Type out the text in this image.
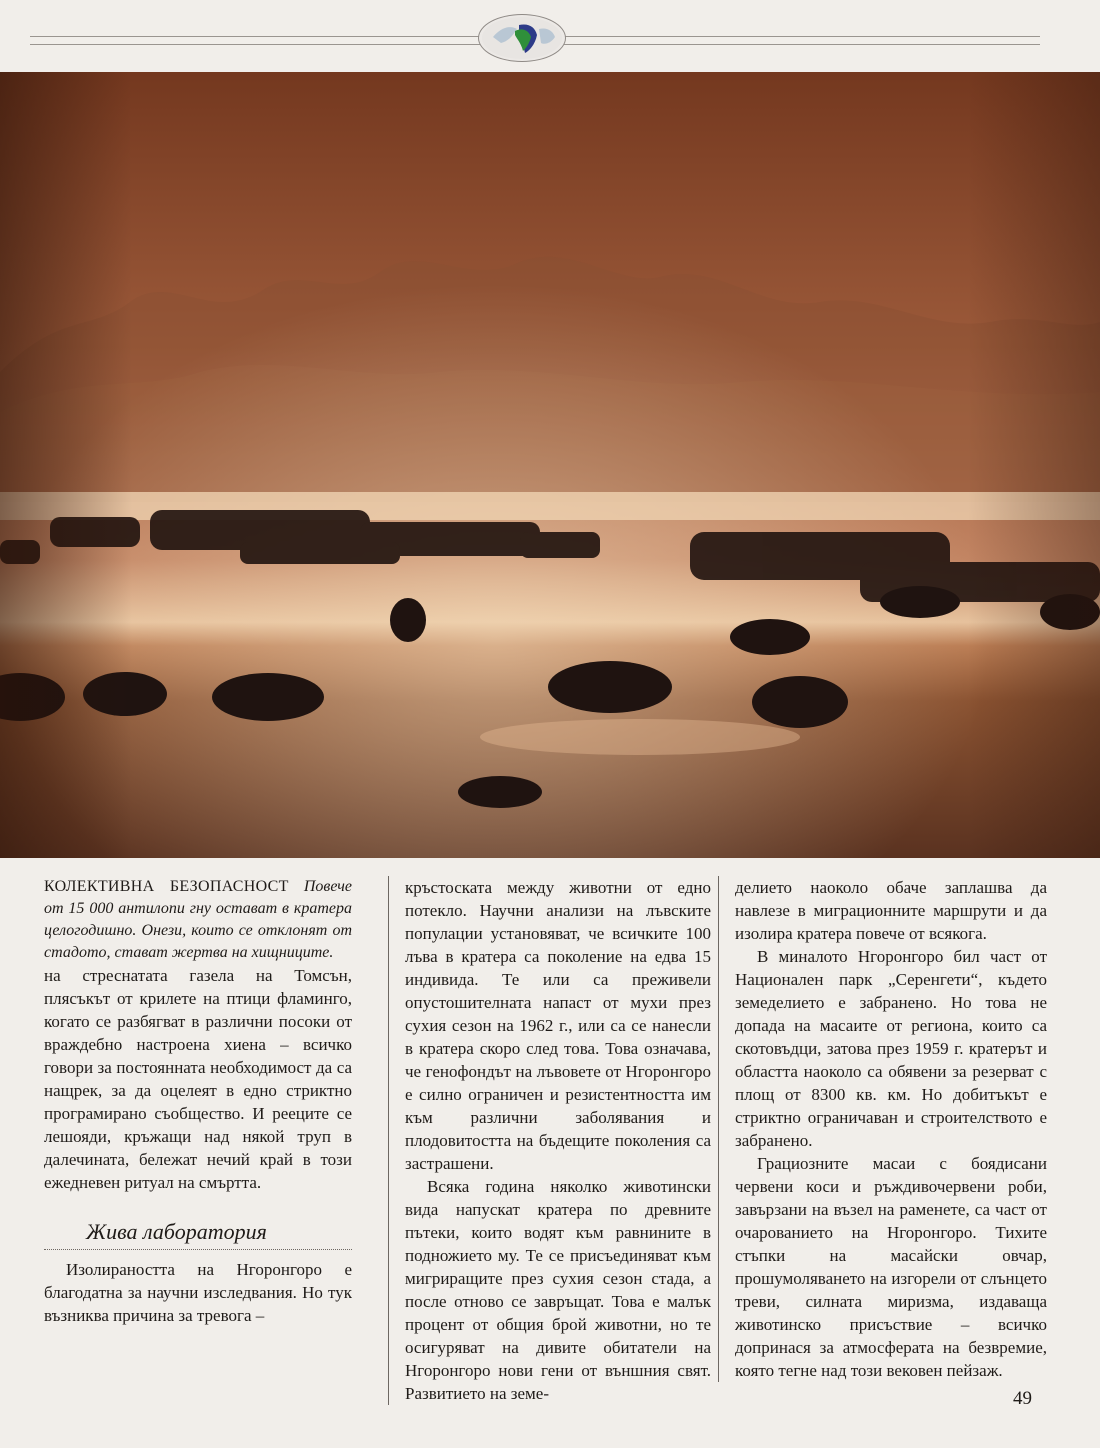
КОЛЕКТИВНА БЕЗОПАСНОСТ Повече от 15 000 антилопи гну остават в кратера целогодишно. Онези, които се отклонят от стадото, стават жертва на хищниците.

на стреснатата газела на Томсън, плясъкът от крилете на птици фламинго, когато се разбягват в различни посоки от враждебно настроена хиена – всичко говори за постоянната необходимост да са нащрек, за да оцелеят в едно стриктно програмирано съобщество. И рееците се лешояди, кръжащи над някой труп в далечината, бележат нечий край в този ежедневен ритуал на смъртта.

Жива лаборатория

Изолираността на Нгоронгоро е благодатна за научни изследвания. Но тук възниква причина за тревога –

кръстоската между животни от едно потекло. Научни анализи на лъвските популации установяват, че всичките 100 лъва в кратера са поколение на едва 15 индивида. Те или са преживели опустошителната напаст от мухи през сухия сезон на 1962 г., или са се нанесли в кратера скоро след това. Това означава, че генофондът на лъвовете от Нгоронгоро е силно ограничен и резистентността им към различни заболявания и плодовитостта на бъдещите поколения са застрашени.

Всяка година няколко животински вида напускат кратера по древните пътеки, които водят към равнините в подножието му. Те се присъединяват към мигриращите през сухия сезон стада, а после отново се завръщат. Това е малък процент от общия брой животни, но те осигуряват на дивите обитатели на Нгоронгоро нови гени от външния свят. Развитието на земе-

делието наоколо обаче заплашва да навлезе в миграционните маршрути и да изолира кратера повече от всякога.

В миналото Нгоронгоро бил част от Национален парк „Серенгети“, където земеделието е забранено. Но това не допада на масаите от региона, които са скотовъдци, затова през 1959 г. кратерът и областта наоколо са обявени за резерват с площ от 8300 кв. км. Но добитъкът е стриктно ограничаван и строителството е забранено.

Грациозните масаи с боядисани червени коси и ръждивочервени роби, завързани на възел на раменете, са част от очарованието на Нгоронгоро. Тихите стъпки на масайски овчар, прошумоляването на изгорели от слънцето треви, силната миризма, издаваща животинско присъствие – всичко допринася за атмосферата на безвремие, която тегне над този вековен пейзаж.

49
